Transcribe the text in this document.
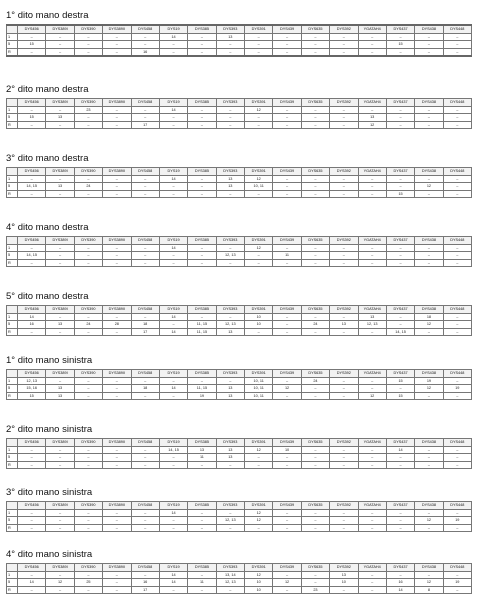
1° dito mano destra
	DYS456	DYS389I	DYS390	DYS389II	DYS458	DYS19	DYS385	DYS393	DYS391	DYS439	DYS635	DYS392	YGATAH4	DYS437	DYS438	DYS448
1	–	–	–	–	–	14	–	13	–	–	–	–	–	–	–	–
5	15	–	–	–	–	–	–	–	–	–	–	–	–	15	–	–
R	–	–	–	–	16	–	–	–	–	–	–	–	–	–	–	–
2° dito mano destra
	DYS456	DYS389I	DYS390	DYS389II	DYS458	DYS19	DYS385	DYS393	DYS391	DYS439	DYS635	DYS392	YGATAH4	DYS437	DYS438	DYS448
1	–	–	23	–	–	14	–	–	12	–	–	–	–	–	–	–
5	15	13	–	–	–	–	–	–	–	–	–	–	13	–	–	–
R	–	–	–	–	17	–	–	–	–	–	–	–	12	–	–	–
3° dito mano destra
	DYS456	DYS389I	DYS390	DYS389II	DYS458	DYS19	DYS385	DYS393	DYS391	DYS439	DYS635	DYS392	YGATAH4	DYS437	DYS438	DYS448
1	–	–	–	–	–	14	–	13	12	–	–	–	–	–	–	–
5	14, 15	13	24	–	–	–	–	13	10, 11	–	–	–	–	–	12	–
R	–	–	–	–	–	–	–	–	–	–	–	–	–	15	–	–
4° dito mano destra
	DYS456	DYS389I	DYS390	DYS389II	DYS458	DYS19	DYS385	DYS393	DYS391	DYS439	DYS635	DYS392	YGATAH4	DYS437	DYS438	DYS448
1	–	–	–	–	–	14	–	–	12	–	–	–	–	–	–	–
5	14, 15	–	–	–	–	–	–	12, 13	–	11	–	–	–	–	–	–
R	–	–	–	–	–	–	–	–	–	–	–	–	–	–	–	–
5° dito mano destra
	DYS456	DYS389I	DYS390	DYS389II	DYS458	DYS19	DYS385	DYS393	DYS391	DYS439	DYS635	DYS392	YGATAH4	DYS437	DYS438	DYS448
1	14	–	–	–	–	14	–	–	10	–	–	–	13	–	18	–
5	16	13	24	28	18	–	11, 15	12, 13	10	–	24	13	12, 13	–	12	–
R	–	–	–	–	17	14	11, 15	13	–	–	–	–	–	14, 15	–	–
1° dito mano sinistra
	DYS456	DYS389I	DYS390	DYS389II	DYS458	DYS19	DYS385	DYS393	DYS391	DYS439	DYS635	DYS392	YGATAH4	DYS437	DYS438	DYS448
1	12, 13	–	–	–	–	–	–	–	10, 11	–	24	–	–	15	19	–
5	15, 16	13	–	–	18	14	11, 15	13	10, 11	12	–	–	–	–	12	19
R	15	13	–	–	–	–	19	13	10, 11	–	–	–	12	15	–	–
2° dito mano sinistra
	DYS456	DYS389I	DYS390	DYS389II	DYS458	DYS19	DYS385	DYS393	DYS391	DYS439	DYS635	DYS392	YGATAH4	DYS437	DYS438	DYS448
1	–	–	–	–	–	14, 15	13	13	12	10	–	–	–	14	–	–
5	–	–	–	–	–	–	11	13	–	–	–	–	–	–	–	–
R	–	–	–	–	–	–	–	–	–	–	–	–	–	–	–	–
3° dito mano sinistra
	DYS456	DYS389I	DYS390	DYS389II	DYS458	DYS19	DYS385	DYS393	DYS391	DYS439	DYS635	DYS392	YGATAH4	DYS437	DYS438	DYS448
1	–	–	–	–	–	14	–	–	12	–	–	–	–	–	–	–
5	–	–	–	–	–	–	–	12, 13	12	–	–	–	–	–	12	19
R	–	–	–	–	–	–	–	–	–	–	–	–	–	–	–	–
4° dito mano sinistra
	DYS456	DYS389I	DYS390	DYS389II	DYS458	DYS19	DYS385	DYS393	DYS391	DYS439	DYS635	DYS392	YGATAH4	DYS437	DYS438	DYS448
1	–	–	–	–	–	14	–	13, 14	12	–	–	13	–	–	–	–
5	14	12	25	–	16	14	11	12, 13	10	12	–	10	–	16	12	19
R	–	–	–	–	17	–	–	–	10	–	23	–	–	14	8	–
